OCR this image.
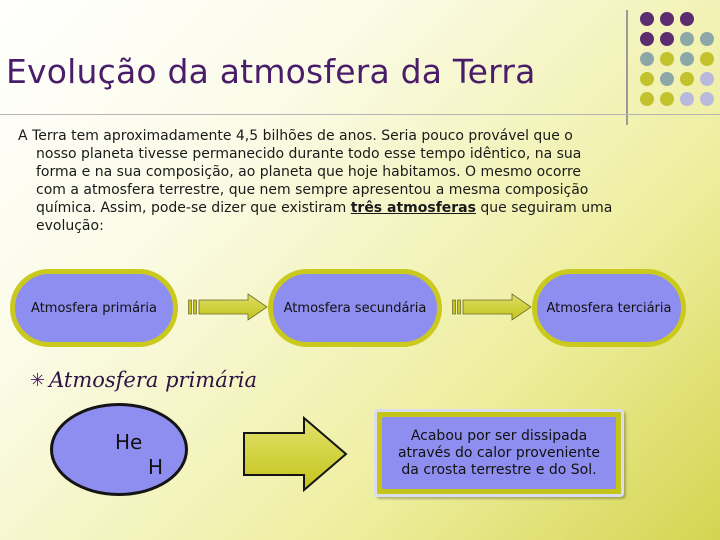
Evolução da atmosfera da Terra
A Terra tem aproximadamente 4,5 bilhões de anos. Seria pouco provável que o
nosso planeta tivesse permanecido durante todo esse tempo idêntico, na sua
forma e na sua composição, ao planeta que hoje habitamos. O mesmo ocorre
com a atmosfera terrestre, que nem sempre apresentou a mesma composição
química. Assim, pode-se dizer que existiram três atmosferas que seguiram uma
evolução:
Atmosfera primária	Atmosfera secundária	Atmosfera terciária
✳ Atmosfera primária
He
H
Acabou por ser dissipada
através do calor proveniente
da crosta terrestre e do Sol.
